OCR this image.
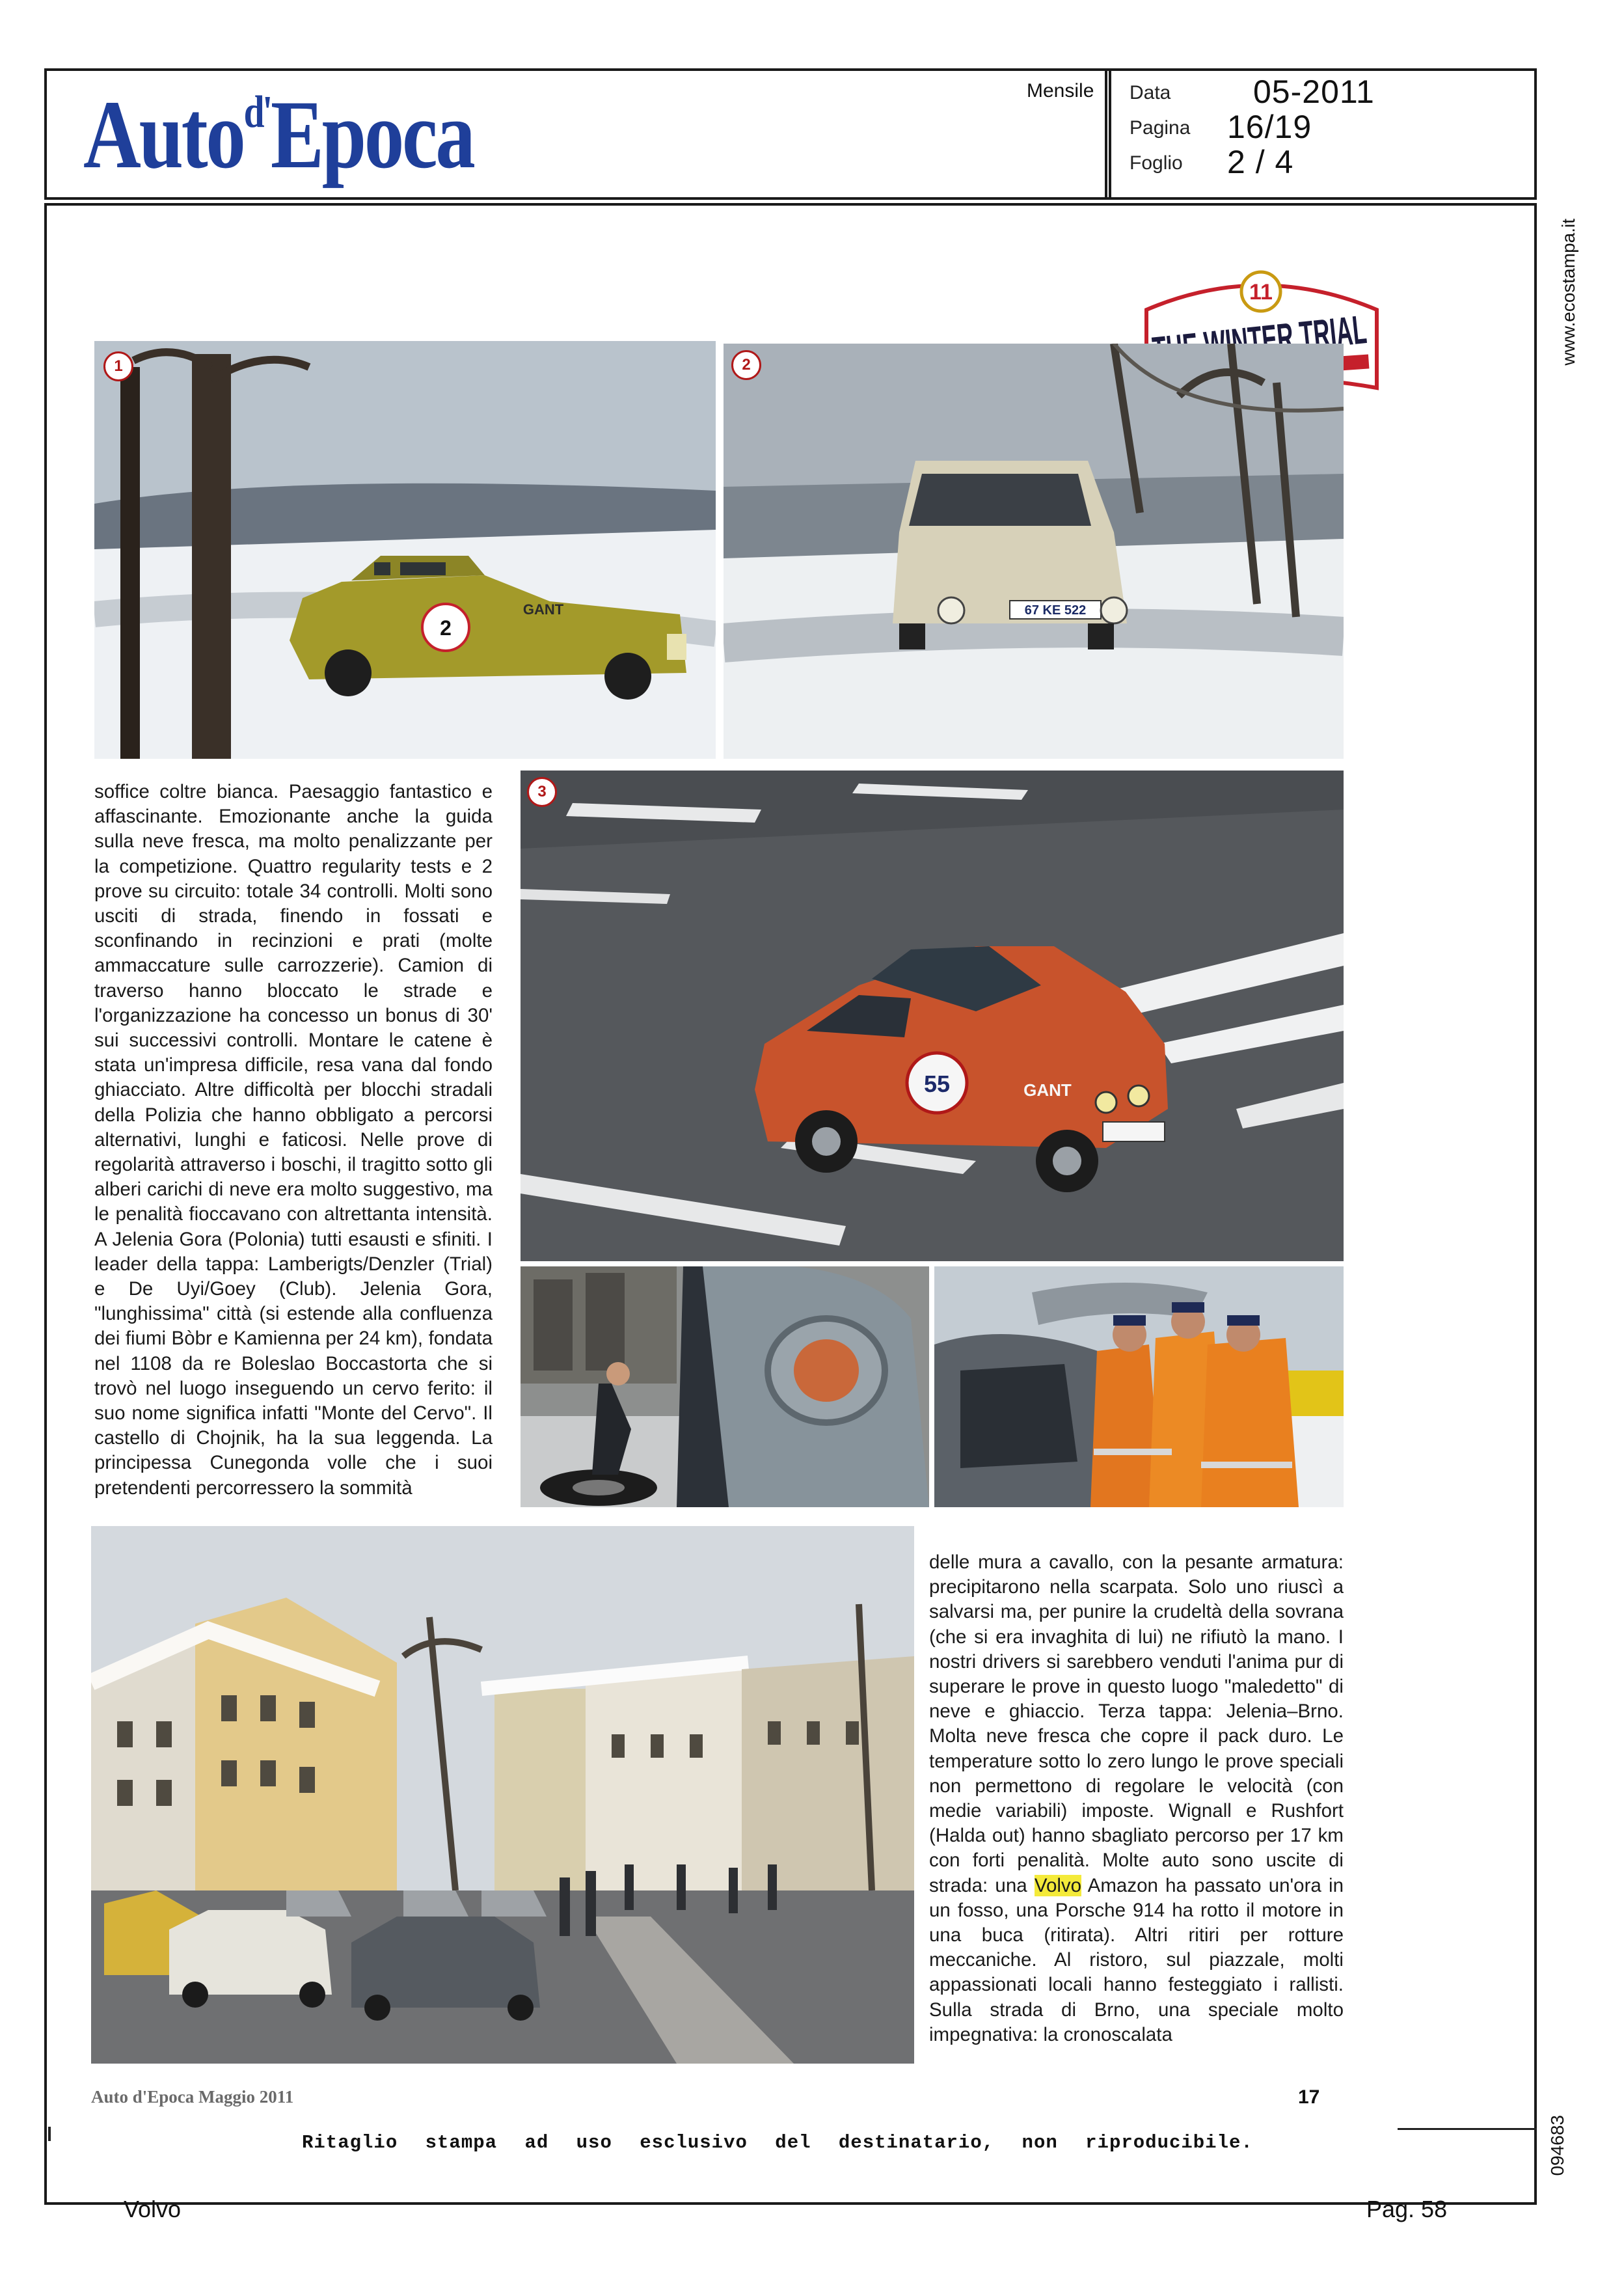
Auto$^{d'}$Epoca	Mensile Data	05-2011
Pagina 16/19
Foglio 2 / 4
www.ecostampa.it
094683
11
WINTER
2
GANT
1
67 KE 522
2
soffice coltre bianca. Paesaggio fantastico e affascinante. Emozionante anche la guida sulla neve fresca, ma molto penalizzante per la competizione. Quattro regularity tests e 2 prove su circuito: totale 34 controlli. Molti sono usciti di strada, finendo in fossati e sconfinando in recinzioni e prati (molte ammaccature sulle carrozzerie). Camion di traverso hanno bloccato le strade e l'organizzazione ha concesso un bonus di 30' sui successivi controlli. Montare le catene è stata un'impresa difficile, resa vana dal fondo ghiacciato. Altre difficoltà per blocchi stradali della Polizia che hanno obbligato a percorsi alternativi, lunghi e faticosi. Nelle prove di regolarità attraverso i boschi, il tragitto sotto gli alberi carichi di neve era molto suggestivo, ma le penalità fioccavano con altrettanta intensità. A Jelenia Gora (Polonia) tutti esausti e sfiniti. I leader della tappa: Lamberigts/Denzler (Trial) e De Uyi/Goey (Club). Jelenia Gora, "lunghissima" città (si estende alla confluenza dei fiumi Bòbr e Kamienna per 24 km), fondata nel 1108 da re Boleslao Boccastorta che si trovò nel luogo inseguendo un cervo ferito: il suo nome significa infatti "Monte del Cervo". Il castello di Chojnik, ha la sua leggenda. La principessa Cunegonda volle che i suoi pretendenti percorressero la sommità
55	GANT
3
delle mura a cavallo, con la pesante armatura: precipitarono nella scarpata. Solo uno riuscì a salvarsi ma, per punire la crudeltà della sovrana (che si era invaghita di lui) ne rifiutò la mano. I nostri drivers si sarebbero venduti l'anima pur di superare le prove in questo luogo "maledetto" di neve e ghiaccio. Terza tappa: Jelenia–Brno. Molta neve fresca che copre il pack duro. Le temperature sotto lo zero lungo le prove speciali non permettono di regolare le velocità (con medie variabili) imposte. Wignall e Rushfort (Halda out) hanno sbagliato percorso per 17 km con forti penalità. Molte auto sono uscite di strada: una Volvo Amazon ha passato un'ora in un fosso, una Porsche 914 ha rotto il motore in una buca (ritirata). Altri ritiri per rotture meccaniche. Al ristoro, sul piazzale, molti appassionati locali hanno festeggiato i rallisti. Sulla strada di Brno, una speciale molto impegnativa: la cronoscalata
Auto d'Epoca Maggio 2011	17
Ritaglio stampa ad uso esclusivo del destinatario, non riproducibile.
Volvo	Pag. 58
